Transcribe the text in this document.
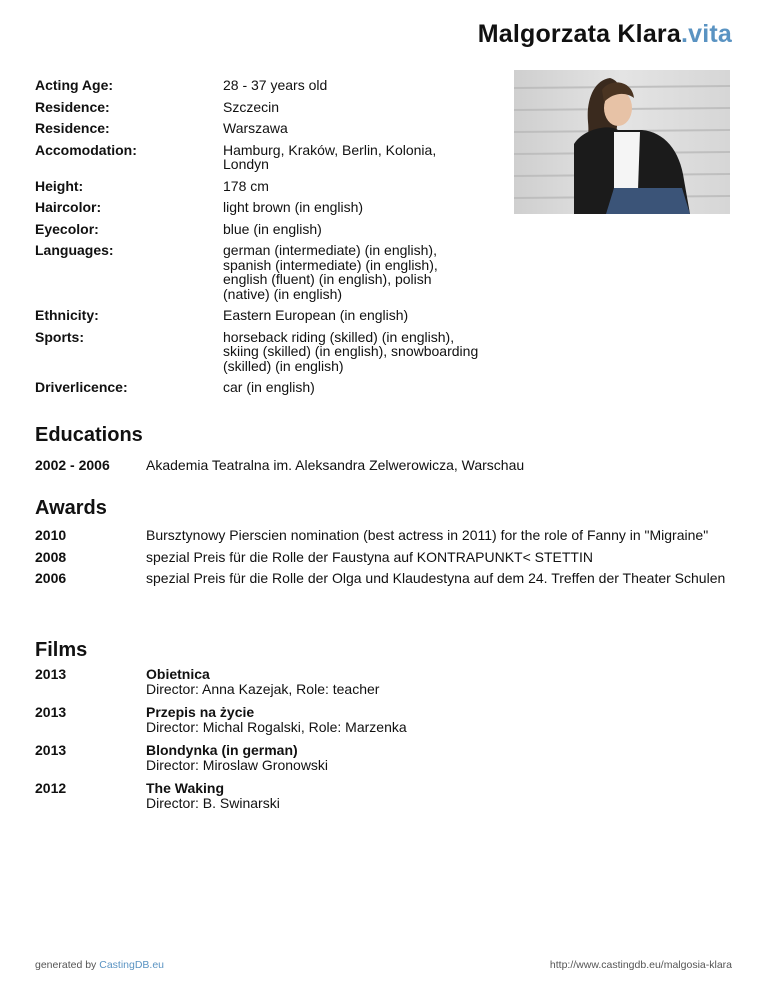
Malgorzata Klara.vita
Acting Age:	28 - 37 years old
Residence:	Szczecin
Residence:	Warszawa
Accomodation:	Hamburg, Kraków, Berlin, Kolonia, Londyn
Height:	178 cm
Haircolor:	light brown (in english)
Eyecolor:	blue (in english)
Languages:	german (intermediate) (in english), spanish (intermediate) (in english), english (fluent) (in english), polish (native) (in english)
Ethnicity:	Eastern European (in english)
Sports:	horseback riding (skilled) (in english), skiing (skilled) (in english), snowboarding (skilled) (in english)
Driverlicence:	car (in english)
Educations
2002 - 2006	Akademia Teatralna im. Aleksandra Zelwerowicza, Warschau
Awards
2010	Bursztynowy Pierscien nomination (best actress in 2011) for the role of Fanny in "Migraine"
2008	spezial Preis für die Rolle der Faustyna auf KONTRAPUNKT< STETTIN
2006	spezial Preis für die Rolle der Olga und Klaudestyna auf dem 24. Treffen der Theater Schulen
Films
2013	Obietnica
Director: Anna Kazejak, Role: teacher
2013	Przepis na życie
Director: Michal Rogalski, Role: Marzenka
2013	Blondynka (in german)
Director: Miroslaw Gronowski
2012	The Waking
Director: B. Swinarski
generated by CastingDB.eu	http://www.castingdb.eu/malgosia-klara
